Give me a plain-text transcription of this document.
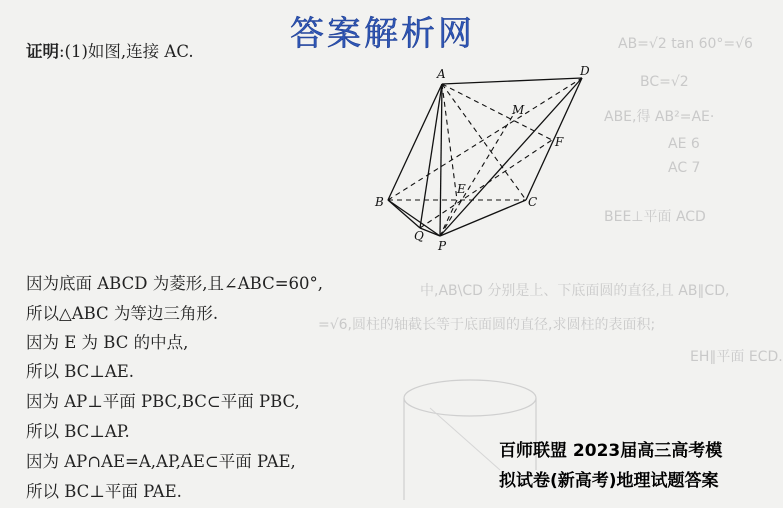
AB=√2 tan 60°=√6
BC=√2
ABE,得 AB²=AE·
AE 6
AC 7
BEE⊥平面 ACD
中,AB\CD 分别是上、下底面圆的直径,且 AB∥CD,
=√6,圆柱的轴截长等于底面圆的直径,求圆柱的表面积;
EH∥平面 ECD.
答案解析网
证明:(1)如图,连接 AC.
A	D
M
F
E
B	C
Q
P
因为底面 ABCD 为菱形,且∠ABC=60°,
所以△ABC 为等边三角形.
因为 E 为 BC 的中点,
所以 BC⊥AE.
因为 AP⊥平面 PBC,BC⊂平面 PBC,
所以 BC⊥AP.
因为 AP∩AE=A,AP,AE⊂平面 PAE,
所以 BC⊥平面 PAE.
百师联盟 2023届高三高考模
拟试卷(新高考)地理试题答案
